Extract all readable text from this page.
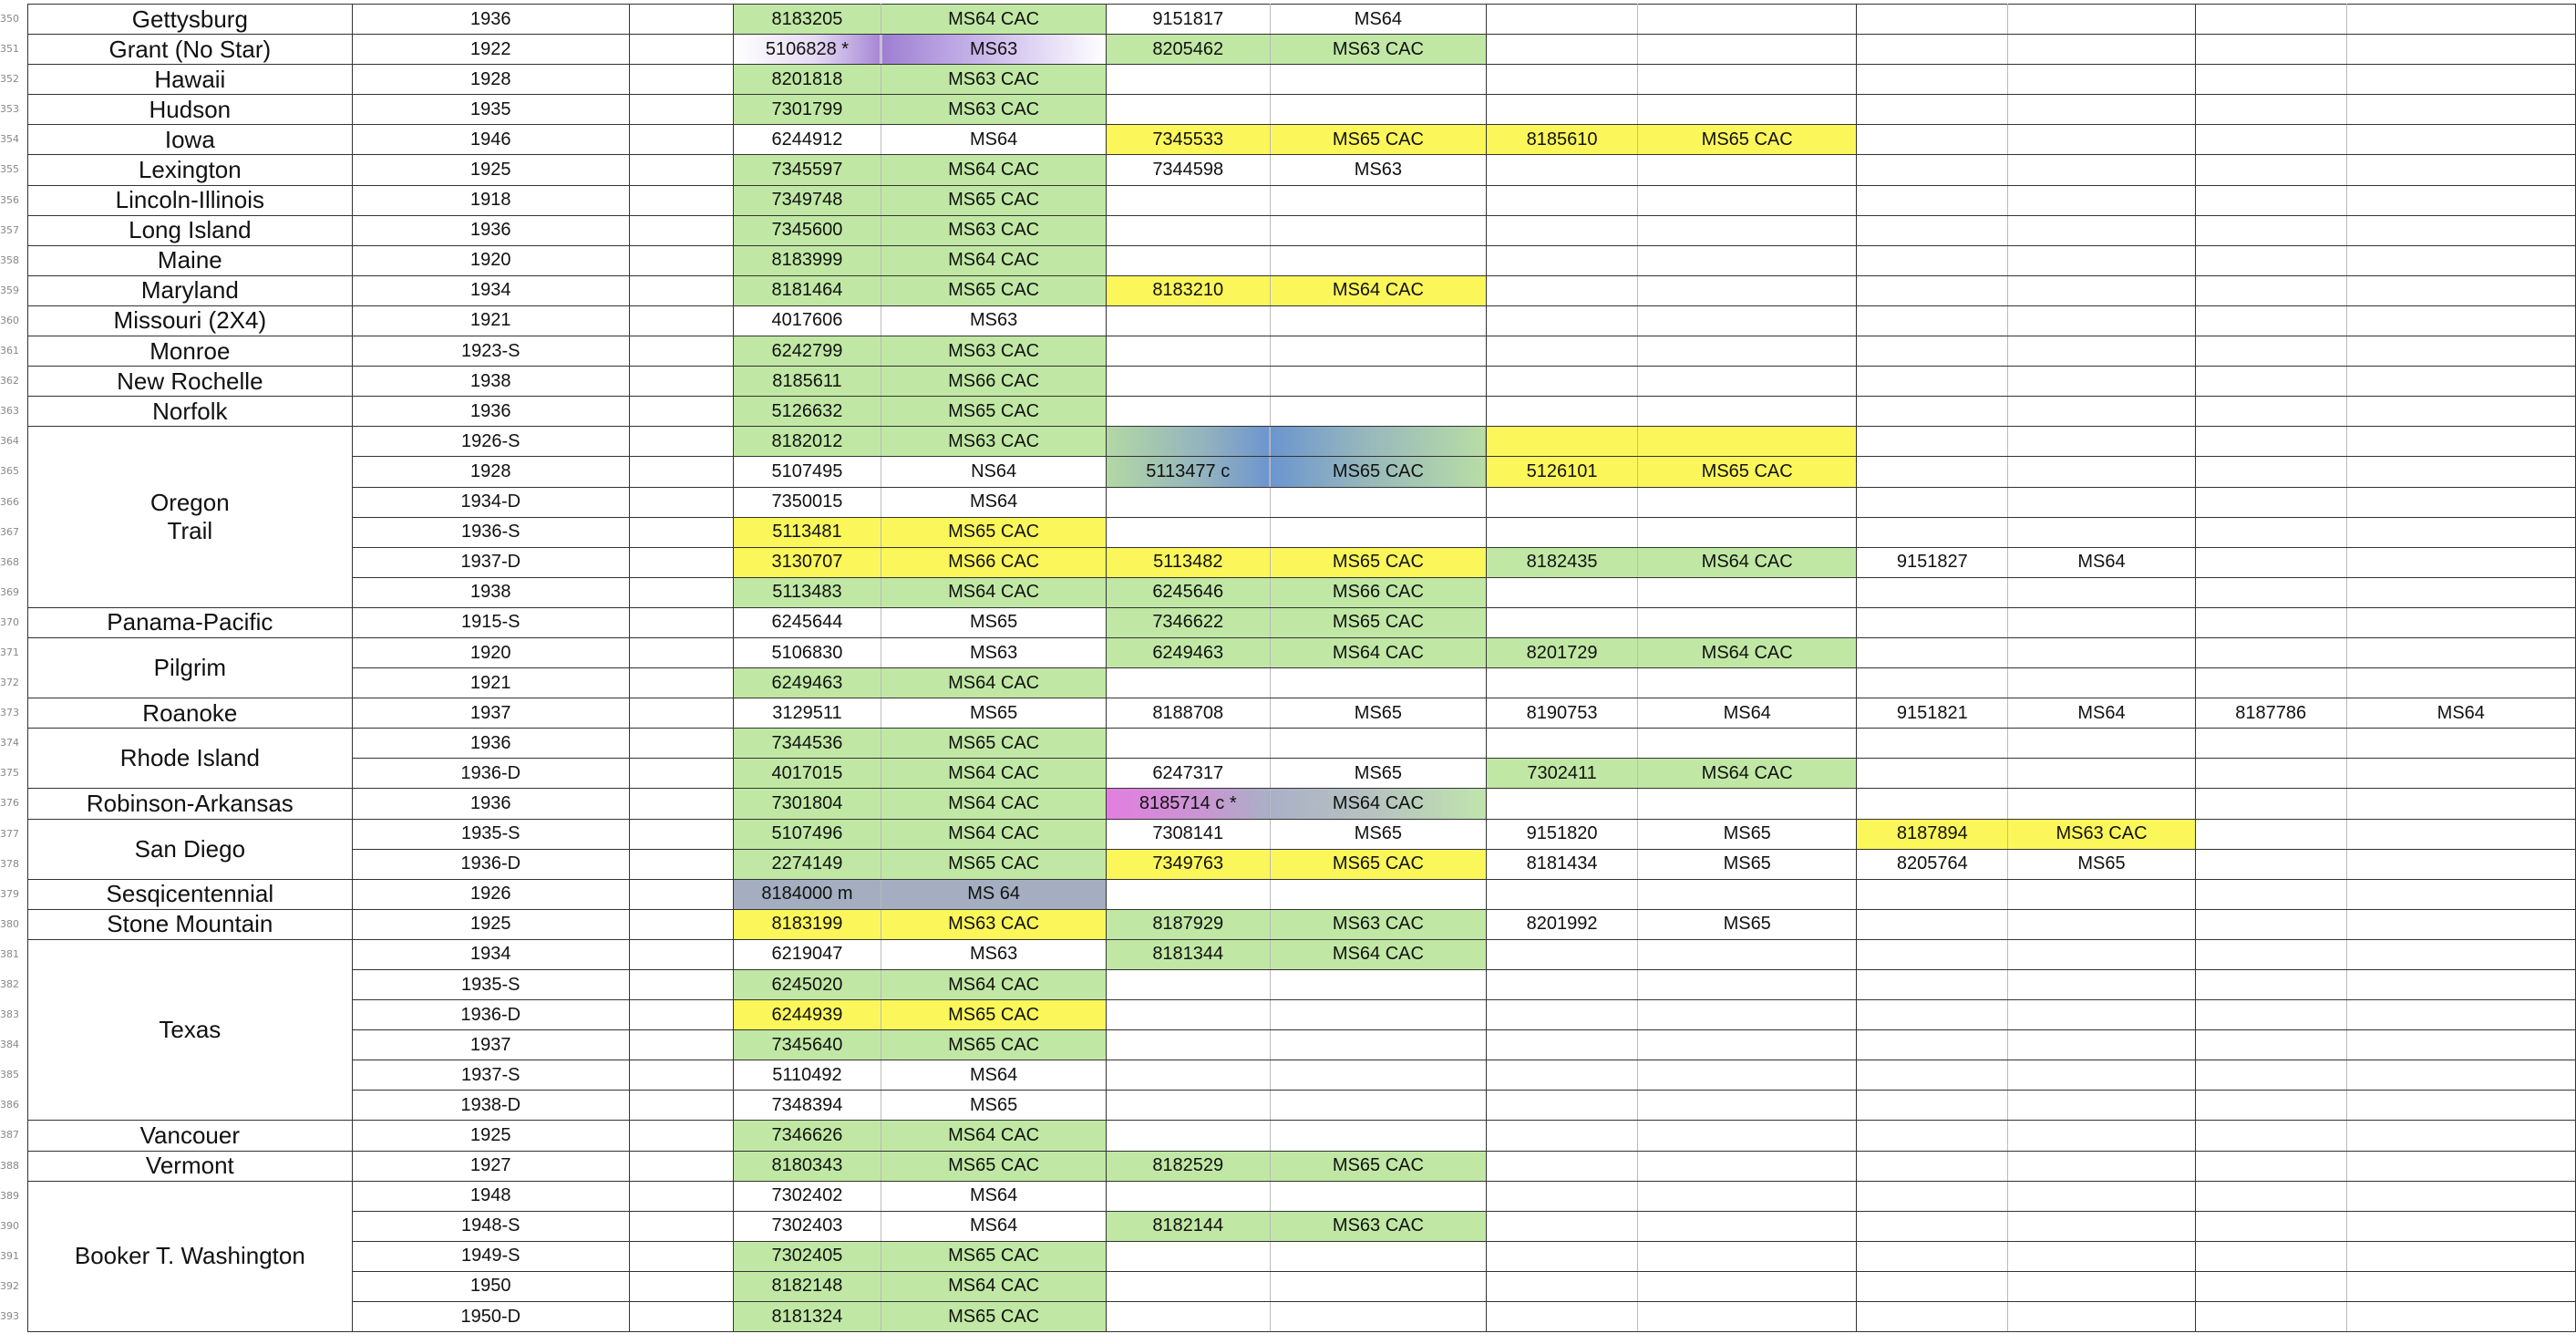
350
351
352
353
354
355
356
357
358
359
360
361
362
363
364
365
366
367
368
369
370
371
372
373
374
375
376
377
378
379
380
381
382
383
384
385
386
387
388
389
390
391
392
393
Gettysburg	1936		8183205	MS64 CAC	9151817	MS64						

Grant (No Star)	1922		5106828 *	MS63	8205462	MS63 CAC						

Hawaii	1928		8201818	MS63 CAC								

Hudson	1935		7301799	MS63 CAC								

Iowa	1946		6244912	MS64	7345533	MS65 CAC	8185610	MS65 CAC				

Lexington	1925		7345597	MS64 CAC	7344598	MS63						

Lincoln-Illinois	1918		7349748	MS65 CAC								

Long Island	1936		7345600	MS63 CAC								

Maine	1920		8183999	MS64 CAC								

Maryland	1934		8181464	MS65 CAC	8183210	MS64 CAC						

Missouri (2X4)	1921		4017606	MS63								

Monroe	1923-S		6242799	MS63 CAC								

New Rochelle	1938		8185611	MS66 CAC								

Norfolk	1936		5126632	MS65 CAC								

Oregon
Trail	1926-S		8182012	MS63 CAC								
	1928		5107495	NS64	5113477 c	MS65 CAC	5126101	MS65 CAC				
	1934-D		7350015	MS64								
	1936-S		5113481	MS65 CAC								
	1937-D		3130707	MS66 CAC	5113482	MS65 CAC	8182435	MS64 CAC	9151827	MS64		
	1938		5113483	MS64 CAC	6245646	MS66 CAC						

Panama-Pacific	1915-S		6245644	MS65	7346622	MS65 CAC						

Pilgrim	1920		5106830	MS63	6249463	MS64 CAC	8201729	MS64 CAC				
	1921		6249463	MS64 CAC								

Roanoke	1937		3129511	MS65	8188708	MS65	8190753	MS64	9151821	MS64	8187786	MS64

Rhode Island	1936		7344536	MS65 CAC								
	1936-D		4017015	MS64 CAC	6247317	MS65	7302411	MS64 CAC				

Robinson-Arkansas	1936		7301804	MS64 CAC	8185714 c *	MS64 CAC						

San Diego	1935-S		5107496	MS64 CAC	7308141	MS65	9151820	MS65	8187894	MS63 CAC		
	1936-D		2274149	MS65 CAC	7349763	MS65 CAC	8181434	MS65	8205764	MS65		

Sesqicentennial	1926		8184000 m	MS 64								

Stone Mountain	1925		8183199	MS63 CAC	8187929	MS63 CAC	8201992	MS65				

Texas	1934		6219047	MS63	8181344	MS64 CAC						
	1935-S		6245020	MS64 CAC								
	1936-D		6244939	MS65 CAC								
	1937		7345640	MS65 CAC								
	1937-S		5110492	MS64								
	1938-D		7348394	MS65								

Vancouer	1925		7346626	MS64 CAC								

Vermont	1927		8180343	MS65 CAC	8182529	MS65 CAC						

Booker T. Washington	1948		7302402	MS64								
	1948-S		7302403	MS64	8182144	MS63 CAC						
	1949-S		7302405	MS65 CAC								
	1950		8182148	MS64 CAC								
	1950-D		8181324	MS65 CAC								
